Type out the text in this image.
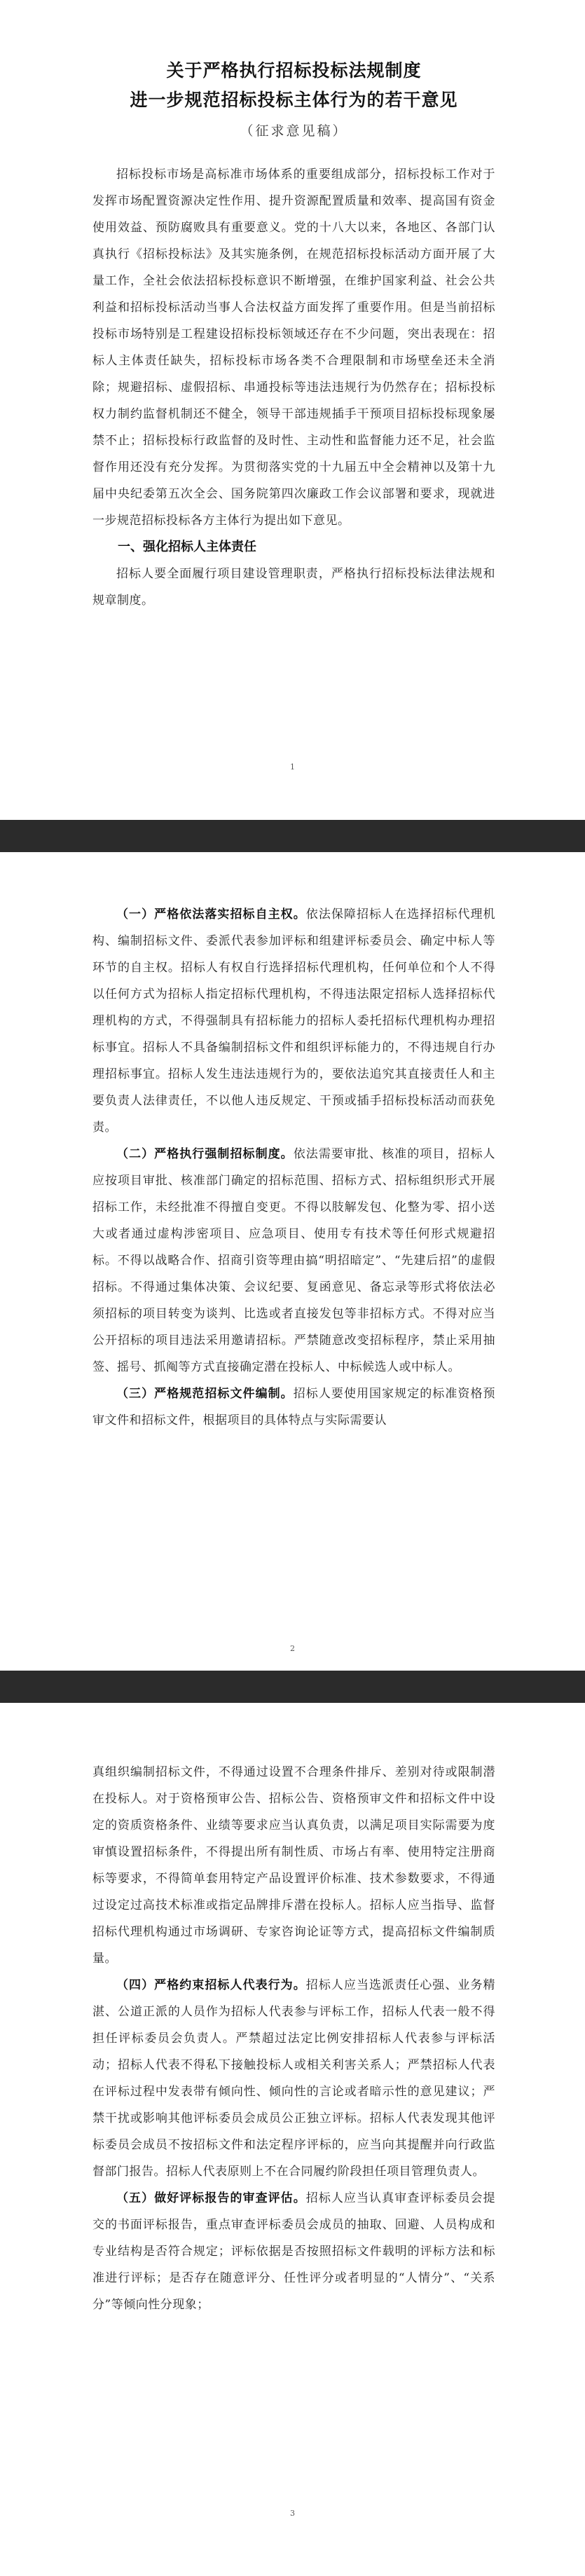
关于严格执行招标投标法规制度
进一步规范招标投标主体行为的若干意见
（征求意见稿）

招标投标市场是高标准市场体系的重要组成部分，招标投标工作对于发挥市场配置资源决定性作用、提升资源配置质量和效率、提高国有资金使用效益、预防腐败具有重要意义。党的十八大以来，各地区、各部门认真执行《招标投标法》及其实施条例，在规范招标投标活动方面开展了大量工作，全社会依法招标投标意识不断增强，在维护国家利益、社会公共利益和招标投标活动当事人合法权益方面发挥了重要作用。但是当前招标投标市场特别是工程建设招标投标领域还存在不少问题，突出表现在：招标人主体责任缺失，招标投标市场各类不合理限制和市场壁垒还未全消除；规避招标、虚假招标、串通投标等违法违规行为仍然存在；招标投标权力制约监督机制还不健全，领导干部违规插手干预项目招标投标现象屡禁不止；招标投标行政监督的及时性、主动性和监督能力还不足，社会监督作用还没有充分发挥。为贯彻落实党的十九届五中全会精神以及第十九届中央纪委第五次全会、国务院第四次廉政工作会议部署和要求，现就进一步规范招标投标各方主体行为提出如下意见。

一、强化招标人主体责任

招标人要全面履行项目建设管理职责，严格执行招标投标法律法规和规章制度。

1

（一）严格依法落实招标自主权。依法保障招标人在选择招标代理机构、编制招标文件、委派代表参加评标和组建评标委员会、确定中标人等环节的自主权。招标人有权自行选择招标代理机构，任何单位和个人不得以任何方式为招标人指定招标代理机构，不得违法限定招标人选择招标代理机构的方式，不得强制具有招标能力的招标人委托招标代理机构办理招标事宜。招标人不具备编制招标文件和组织评标能力的，不得违规自行办理招标事宜。招标人发生违法违规行为的，要依法追究其直接责任人和主要负责人法律责任，不以他人违反规定、干预或插手招标投标活动而获免责。

（二）严格执行强制招标制度。依法需要审批、核准的项目，招标人应按项目审批、核准部门确定的招标范围、招标方式、招标组织形式开展招标工作，未经批准不得擅自变更。不得以肢解发包、化整为零、招小送大或者通过虚构涉密项目、应急项目、使用专有技术等任何形式规避招标。不得以战略合作、招商引资等理由搞“明招暗定”、“先建后招”的虚假招标。不得通过集体决策、会议纪要、复函意见、备忘录等形式将依法必须招标的项目转变为谈判、比选或者直接发包等非招标方式。不得对应当公开招标的项目违法采用邀请招标。严禁随意改变招标程序，禁止采用抽签、摇号、抓阄等方式直接确定潜在投标人、中标候选人或中标人。

（三）严格规范招标文件编制。招标人要使用国家规定的标准资格预审文件和招标文件，根据项目的具体特点与实际需要认

2

真组织编制招标文件，不得通过设置不合理条件排斥、差别对待或限制潜在投标人。对于资格预审公告、招标公告、资格预审文件和招标文件中设定的资质资格条件、业绩等要求应当认真负责，以满足项目实际需要为度审慎设置招标条件，不得提出所有制性质、市场占有率、使用特定注册商标等要求，不得简单套用特定产品设置评价标准、技术参数要求，不得通过设定过高技术标准或指定品牌排斥潜在投标人。招标人应当指导、监督招标代理机构通过市场调研、专家咨询论证等方式，提高招标文件编制质量。

（四）严格约束招标人代表行为。招标人应当选派责任心强、业务精湛、公道正派的人员作为招标人代表参与评标工作，招标人代表一般不得担任评标委员会负责人。严禁超过法定比例安排招标人代表参与评标活动；招标人代表不得私下接触投标人或相关利害关系人；严禁招标人代表在评标过程中发表带有倾向性、倾向性的言论或者暗示性的意见建议；严禁干扰或影响其他评标委员会成员公正独立评标。招标人代表发现其他评标委员会成员不按招标文件和法定程序评标的，应当向其提醒并向行政监督部门报告。招标人代表原则上不在合同履约阶段担任项目管理负责人。

（五）做好评标报告的审查评估。招标人应当认真审查评标委员会提交的书面评标报告，重点审查评标委员会成员的抽取、回避、人员构成和专业结构是否符合规定；评标依据是否按照招标文件载明的评标方法和标准进行评标；是否存在随意评分、任性评分或者明显的“人情分”、“关系分”等倾向性分现象；

3
